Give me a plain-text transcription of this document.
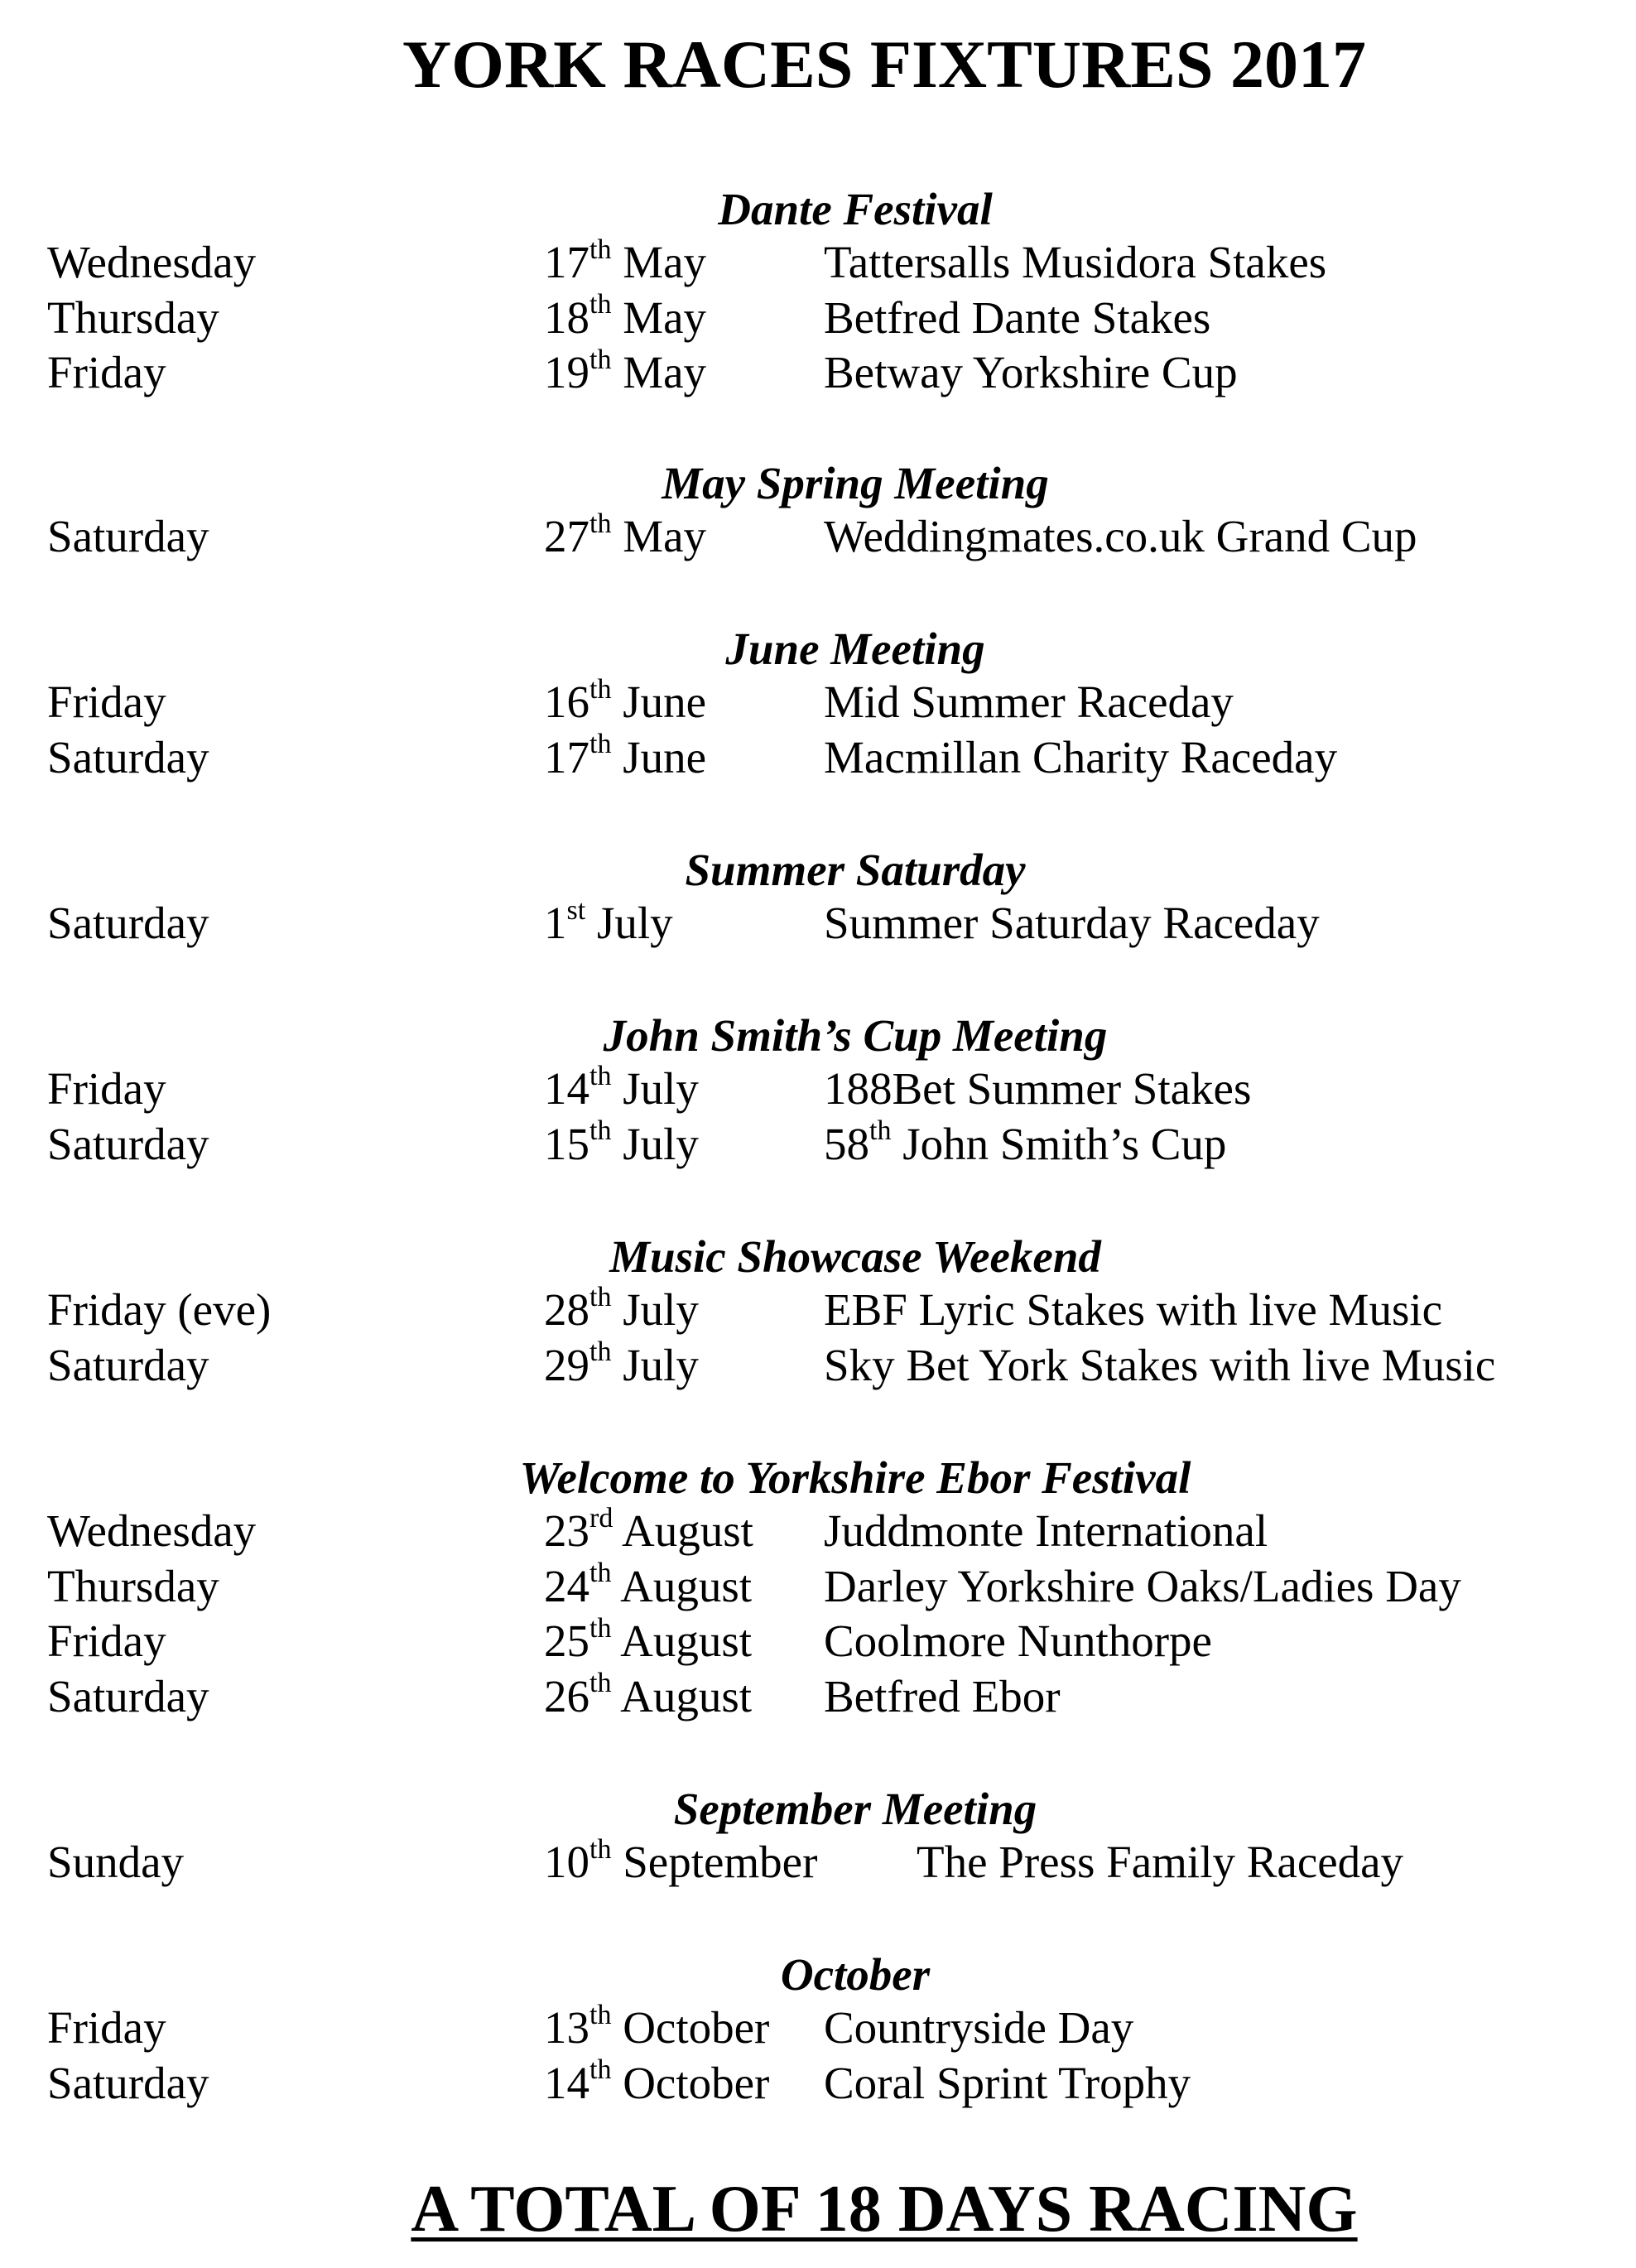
YORK RACES FIXTURES 2017
Dante Festival
Wednesday	17th May	Tattersalls Musidora Stakes
Thursday	18th May	Betfred Dante Stakes
Friday	19th May	Betway Yorkshire Cup
May Spring Meeting
Saturday	27th May	Weddingmates.co.uk Grand Cup
June Meeting
Friday	16th June	Mid Summer Raceday
Saturday	17th June	Macmillan Charity Raceday
Summer Saturday
Saturday	1st July	Summer Saturday Raceday
John Smith’s Cup Meeting
Friday	14th July	188Bet Summer Stakes
Saturday	15th July	58th John Smith’s Cup
Music Showcase Weekend
Friday (eve)	28th July	EBF Lyric Stakes with live Music
Saturday	29th July	Sky Bet York Stakes with live Music
Welcome to Yorkshire Ebor Festival
Wednesday	23rd August Juddmonte International
Thursday	24th August Darley Yorkshire Oaks/Ladies Day
Friday	25th August Coolmore Nunthorpe
Saturday	26th August Betfred Ebor
September Meeting
Sunday	10th September The Press Family Raceday
October
Friday	13th October Countryside Day
Saturday	14th October Coral Sprint Trophy
A TOTAL OF 18 DAYS RACING
